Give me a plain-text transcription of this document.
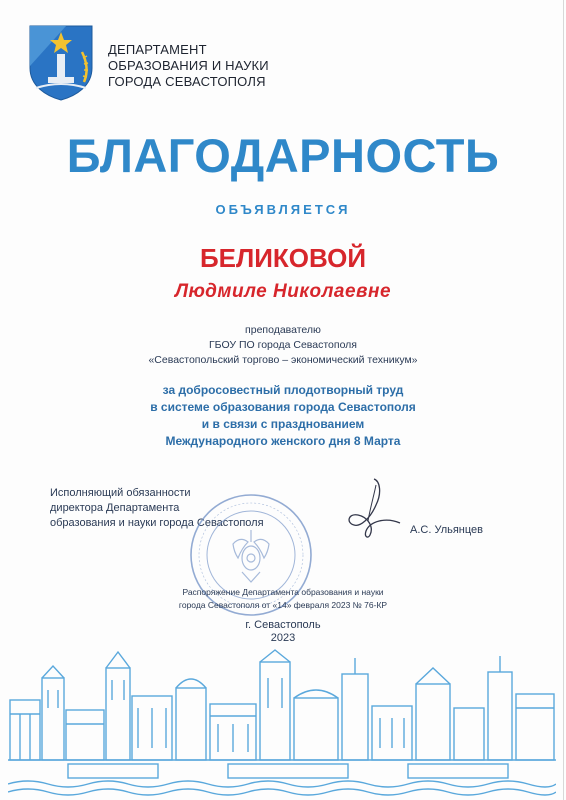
ДЕПАРТАМЕНТ
ОБРАЗОВАНИЯ И НАУКИ
ГОРОДА СЕВАСТОПОЛЯ
БЛАГОДАРНОСТЬ
ОБЪЯВЛЯЕТСЯ
БЕЛИКОВОЙ
Людмиле Николаевне
преподавателю
ГБОУ ПО города Севастополя
«Севастопольский торгово – экономический техникум»
за добросовестный плодотворный труд
в системе образования города Севастополя
и в связи с празднованием
Международного женского дня 8 Марта
Исполняющий обязанности
директора Департамента
образования и науки города Севастополя
А.С. Ульянцев
Распоряжение Департамента образования и науки
города Севастополя от «14» февраля 2023 № 76-КР
г. Севастополь
2023
